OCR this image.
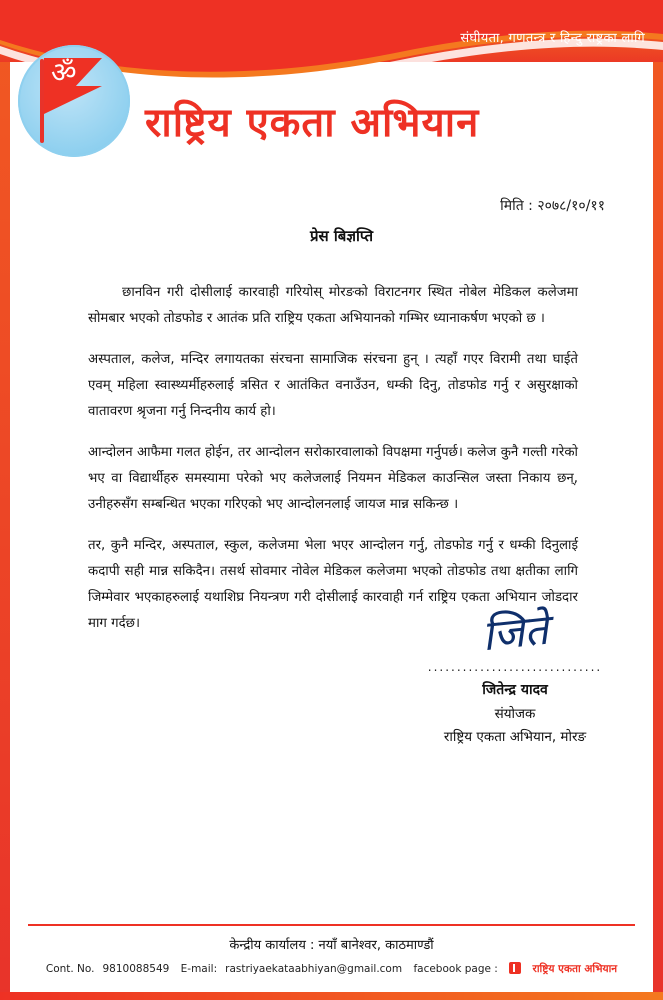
संघीयता, गणतन्त्र र हिन्दु राष्ट्रका लागि
ॐ
राष्ट्रिय एकता अभियान
मिति : २०७८/१०/११
प्रेस बिज्ञप्ति

छानविन गरी दोसीलाई कारवाही गरियोस् मोरङको विराटनगर स्थित नोबेल मेडिकल कलेजमा सोमबार भएको तोडफोड र आतंक प्रति राष्ट्रिय एकता अभियानको गम्भिर ध्यानाकर्षण भएको छ ।

अस्पताल, कलेज, मन्दिर लगायतका संरचना सामाजिक संरचना हुन् । त्यहाँ गएर विरामी तथा घाईते एवम् महिला स्वास्थ्यर्मीहरुलाई त्रसित र आतंकित वनाउँउन, धम्की दिनु, तोडफोड गर्नु र असुरक्षाको वातावरण श्रृजना गर्नु निन्दनीय कार्य हो।

आन्दोलन आफैमा गलत होईन, तर आन्दोलन सरोकारवालाको विपक्षमा गर्नुपर्छ। कलेज कुनै गल्ती गरेको भए वा विद्यार्थीहरु समस्यामा परेको भए कलेजलाई नियमन मेडिकल काउन्सिल जस्ता निकाय छन्, उनीहरुसँग सम्बन्धित भएका गरिएको भए आन्दोलनलाई जायज मान्न सकिन्छ ।

तर, कुनै मन्दिर, अस्पताल, स्कुल, कलेजमा भेला भएर आन्दोलन गर्नु, तोडफोड गर्नु र धम्की दिनुलाई कदापी सही मान्न सकिदैन। तसर्थ सोवमार नोवेल मेडिकल कलेजमा भएको तोडफोड तथा क्षतीका लागि जिम्मेवार भएकाहरुलाई यथाशिघ्र नियन्त्रण गरी दोसीलाई कारवाही गर्न राष्ट्रिय एकता अभियान जोडदार माग गर्दछ।	जिते
..............................
जितेन्द्र यादव
संयोजक
राष्ट्रिय एकता अभियान, मोरङ
केन्द्रीय कार्यालय : नयाँ बानेश्वर, काठमाण्डौं
Cont. No. 9810088549 E-mail: rastriyaekataabhiyan@gmail.com facebook page :	राष्ट्रिय एकता अभियान
